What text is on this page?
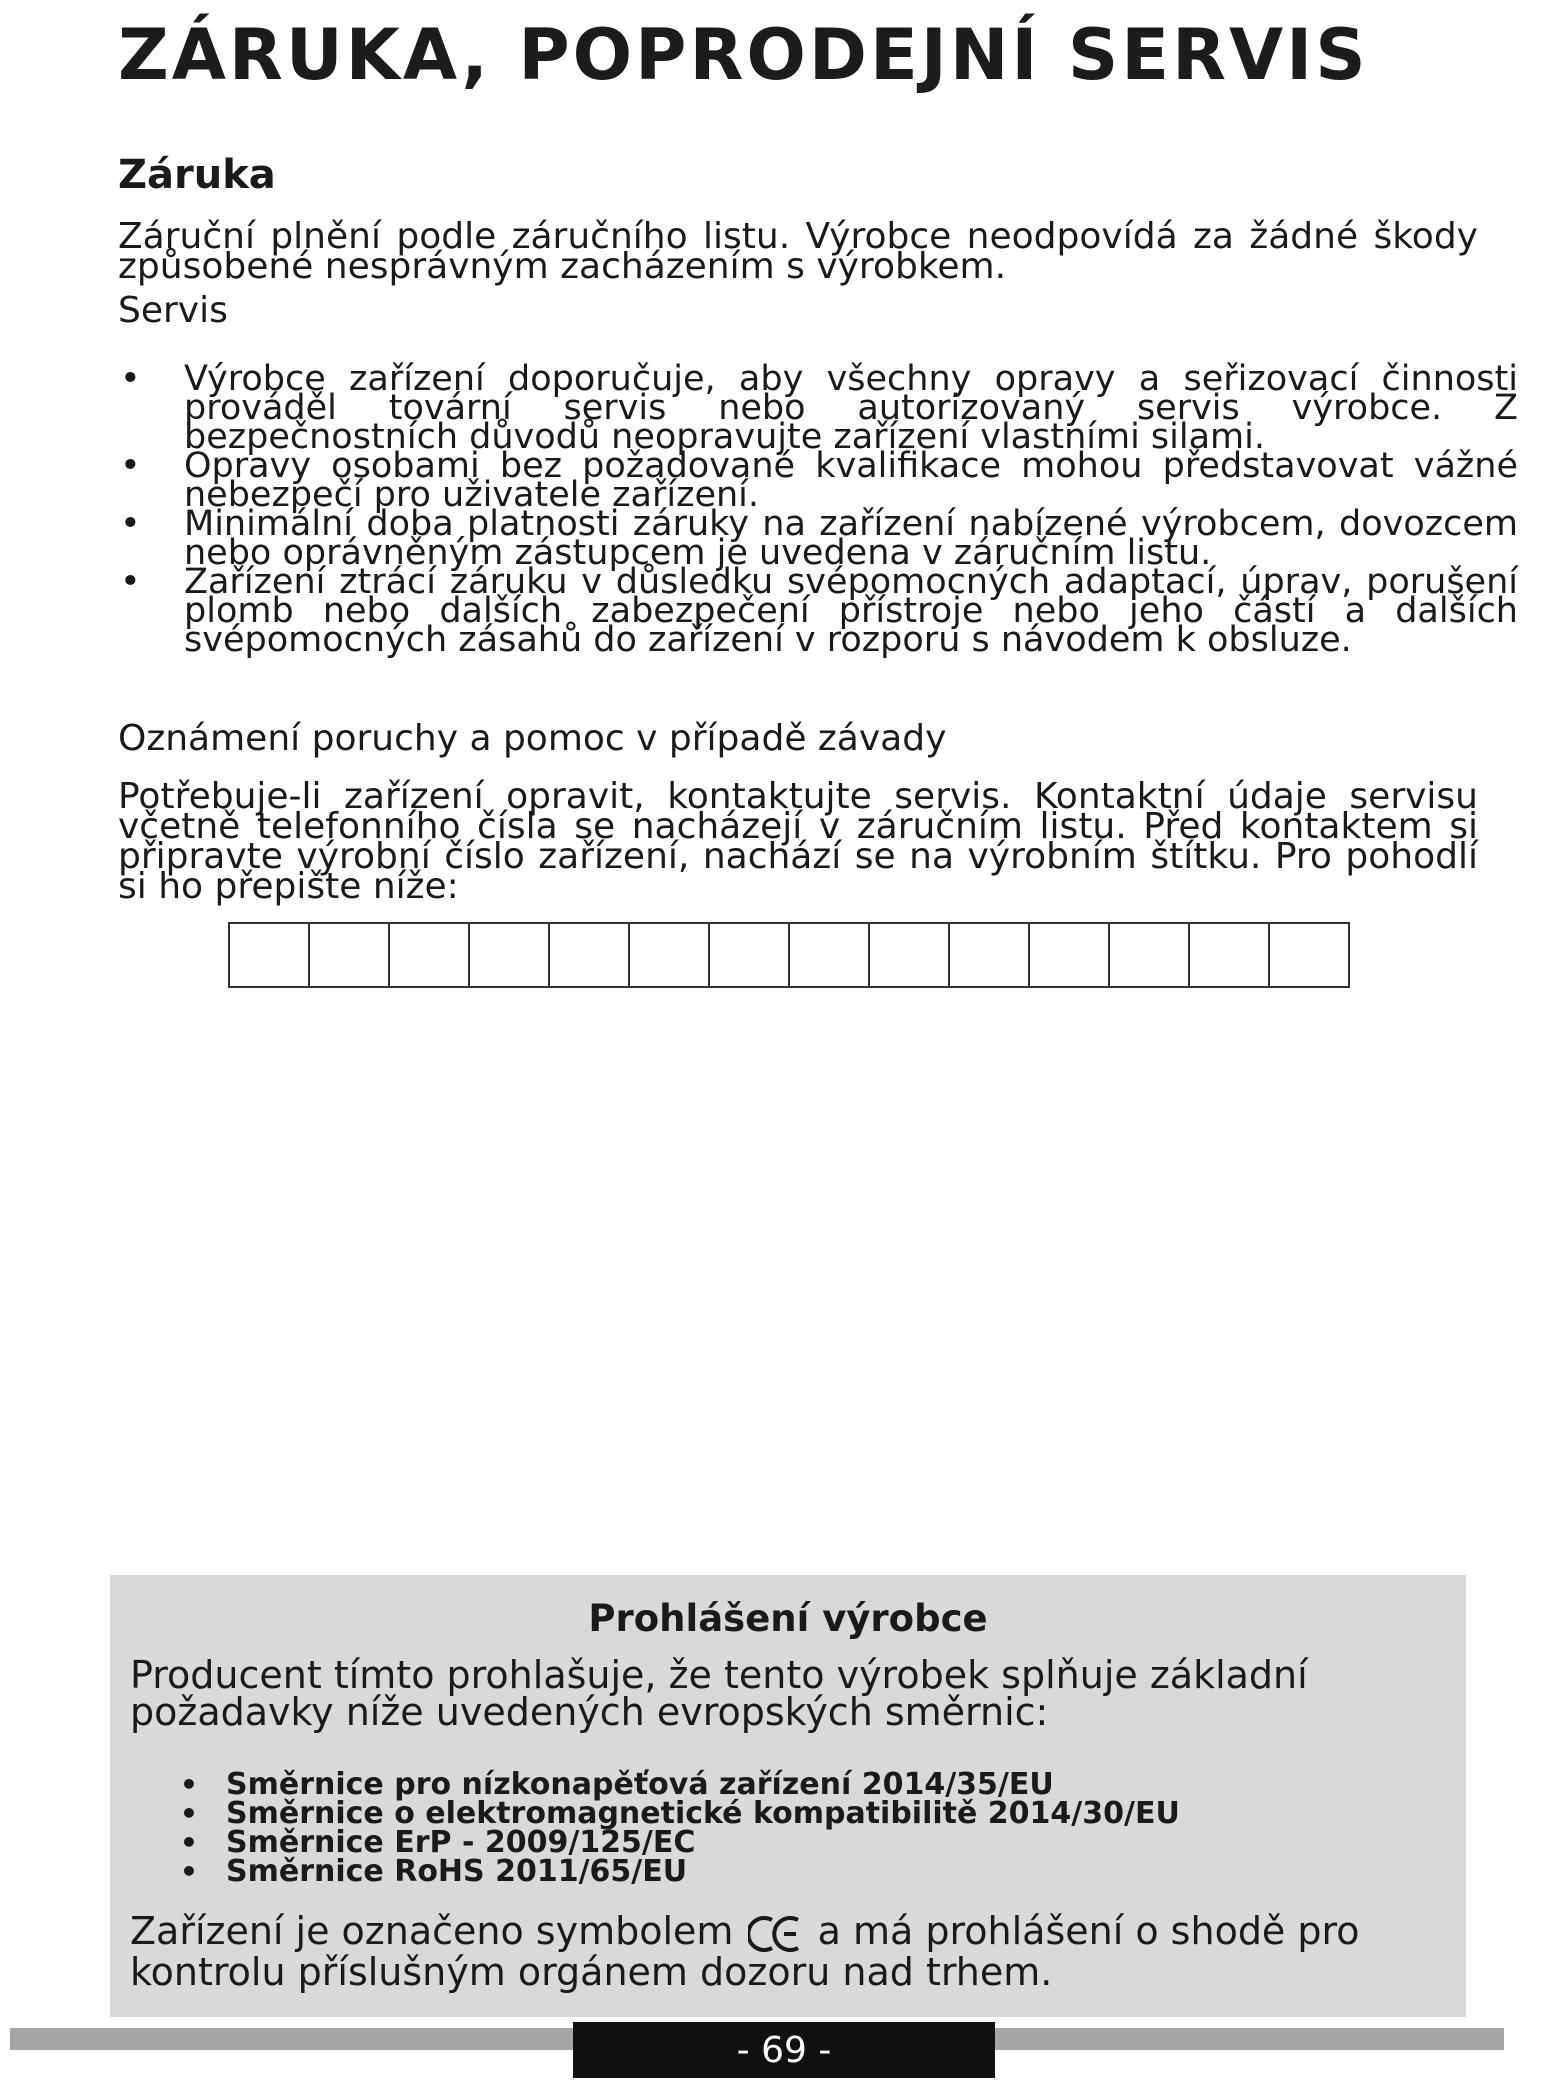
ZÁRUKA, POPRODEJNÍ SERVIS
Záruka

Záruční plnění podle záručního listu. Výrobce neodpovídá za žádné škody způsobené nesprávným zacházením s výrobkem.

Servis

•	Výrobce zařízení doporučuje, aby všechny opravy a seřizovací činnosti prováděl tovární servis nebo autorizovaný servis výrobce. Z bezpečnostních důvodů neopravujte zařízení vlastními silami.
•	Opravy osobami bez požadované kvalifikace mohou představovat vážné nebezpečí pro uživatele zařízení.
•	Minimální doba platnosti záruky na zařízení nabízené výrobcem, dovozcem nebo oprávněným zástupcem je uvedena v záručním listu.
•	Zařízení ztrácí záruku v důsledku svépomocných adaptací, úprav, porušení plomb nebo dalších zabezpečení přístroje nebo jeho částí a dalších svépomocných zásahů do zařízení v rozporu s návodem k obsluze.

Oznámení poruchy a pomoc v případě závady

Potřebuje-li zařízení opravit, kontaktujte servis. Kontaktní údaje servisu včetně telefonního čísla se nacházejí v záručním listu. Před kontaktem si připravte výrobní číslo zařízení, nachází se na výrobním štítku. Pro pohodlí si ho přepište níže:

Prohlášení výrobce

Producent tímto prohlašuje, že tento výrobek splňuje základní požadavky níže uvedených evropských směrnic:

• Směrnice pro nízkonapěťová zařízení 2014/35/EU
• Směrnice o elektromagnetické kompatibilitě 2014/30/EU
• Směrnice ErP - 2009/125/EC
• Směrnice RoHS 2011/65/EU

Zařízení je označeno symbolem a má prohlášení o shodě pro kontrolu příslušným orgánem dozoru nad trhem.

- 69 -
